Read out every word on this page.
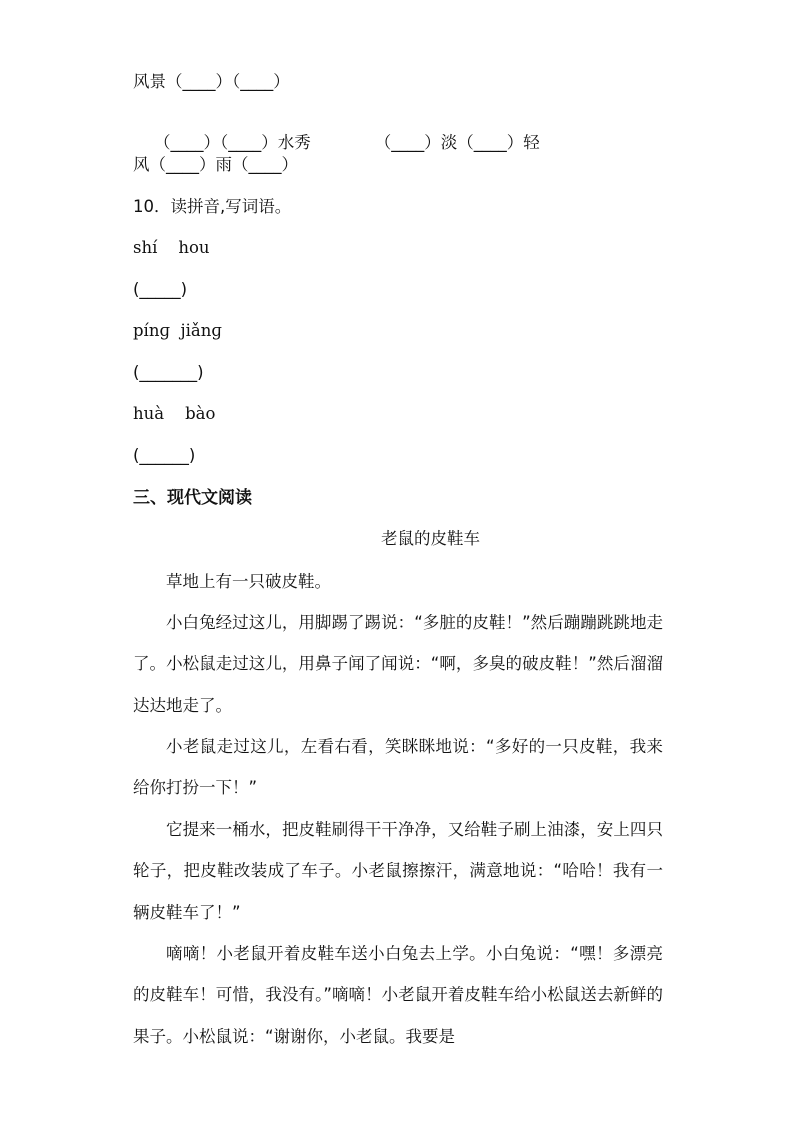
风景（____）（____）

（____）（____）水秀	（____）淡（____）轻

风（____）雨（____）
10．读拼音,写词语。
shí    hou
(_____)
pínɡ  jiǎnɡ
(_______)
huà    bào
(______)
三、现代文阅读
老鼠的皮鞋车
草地上有一只破皮鞋。
小白兔经过这儿，用脚踢了踢说：“多脏的皮鞋！”然后蹦蹦跳跳地走了。小松鼠走过这儿，用鼻子闻了闻说：“啊，多臭的破皮鞋！”然后溜溜达达地走了。
小老鼠走过这儿，左看右看，笑眯眯地说：“多好的一只皮鞋，我来给你打扮一下！”
它提来一桶水，把皮鞋刷得干干净净，又给鞋子刷上油漆，安上四只轮子，把皮鞋改装成了车子。小老鼠擦擦汗，满意地说：“哈哈！我有一辆皮鞋车了！”
嘀嘀！小老鼠开着皮鞋车送小白兔去上学。小白兔说：“嘿！多漂亮的皮鞋车！可惜，我没有。”嘀嘀！小老鼠开着皮鞋车给小松鼠送去新鲜的果子。小松鼠说：“谢谢你，小老鼠。我要是
